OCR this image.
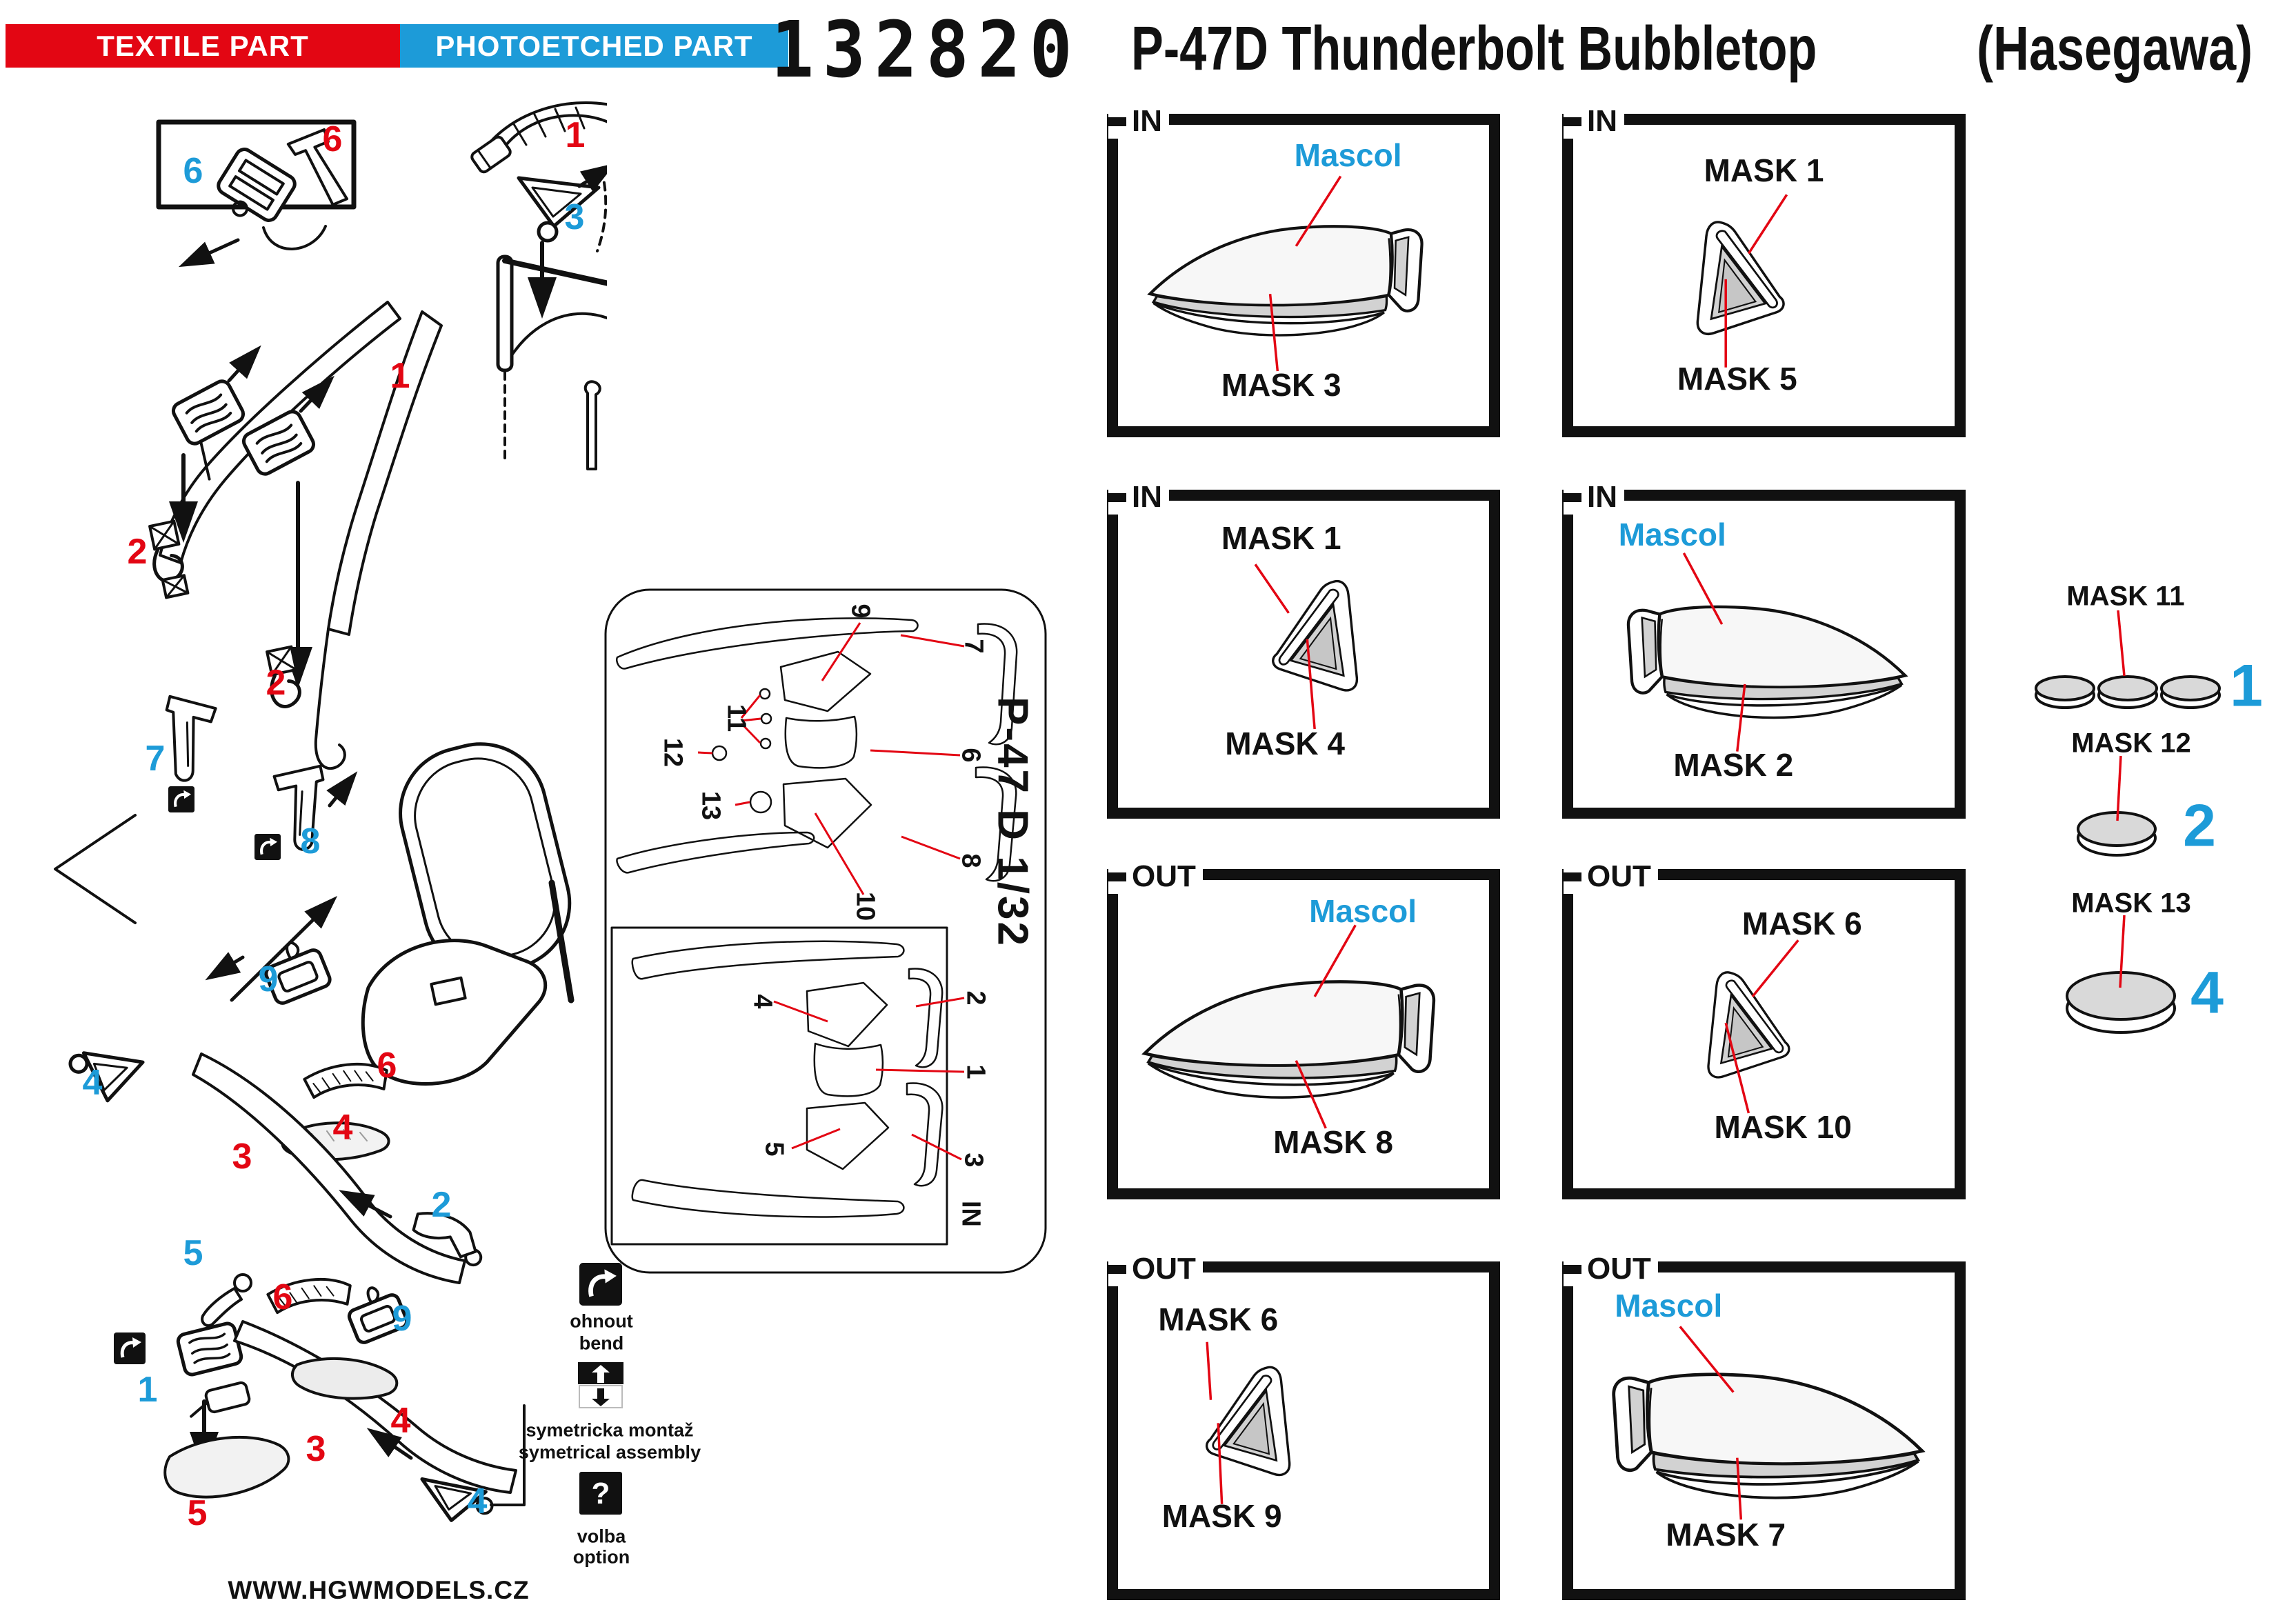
TEXTILE PART	PHOTOETCHED PART 132820 P-47D Thunderbolt Bubbletop	(Hasegawa)
6
6	1
3
1
2
2
7
8
9
6
4
4
3
2
5
6
9
1
4
3
5	4
P-47 D 1/32
9
7
11
12
13
6
8
10
4	2
1
5
3
IN
IN
Mascol
MASK 3
IN
MASK 1
MASK 5
IN
MASK 1
MASK 4
IN
Mascol
MASK 2
OUT
Mascol
MASK 8
OUT
MASK 6
MASK 10
OUT
MASK 6
MASK 9
OUT
Mascol
MASK 7
MASK 11
MASK 12
MASK 13
1
2
4
ohnout
bend
symetricka montaž
symetrical assembly
?
volba
option
WWW.HGWMODELS.CZ
